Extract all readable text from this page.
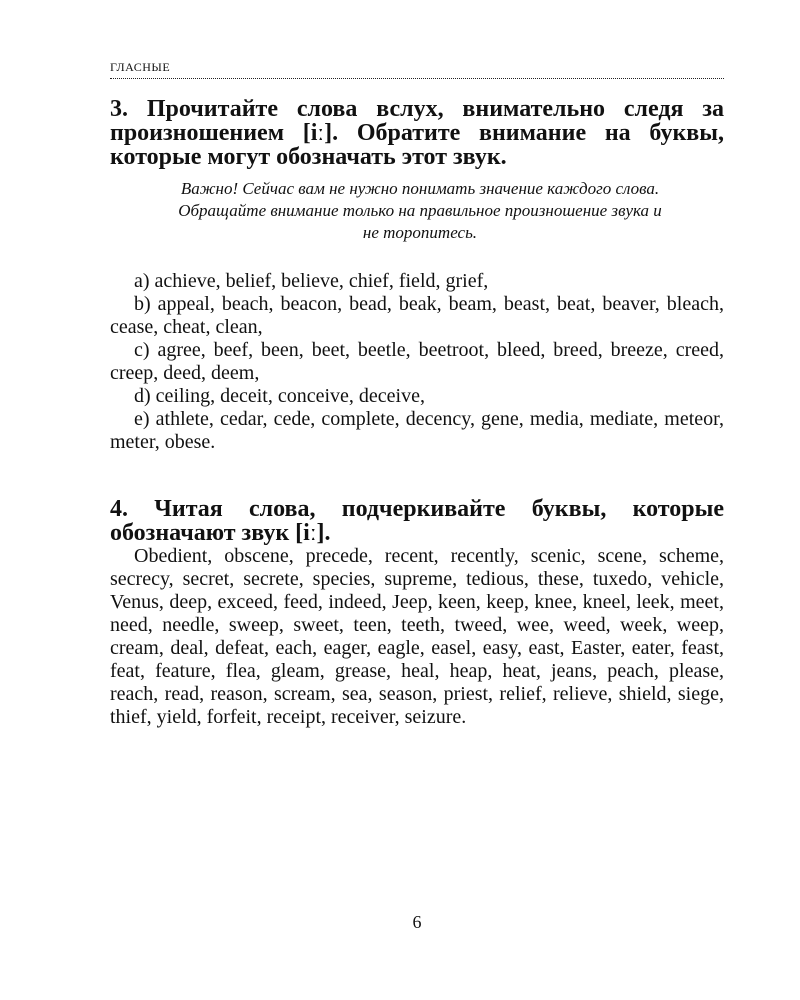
ГЛАСНЫЕ
3. Прочитайте слова вслух, внимательно следя за произношением [iː]. Обратите внимание на буквы, которые могут обозначать этот звук.

Важно! Сейчас вам не нужно понимать значение каждого слова. Обращайте внимание только на правильное произношение звука и не торопитесь.

a) achieve, belief, believe, chief, field, grief,

b) appeal, beach, beacon, bead, beak, beam, beast, beat, beaver, bleach, cease, cheat, clean,

c) agree, beef, been, beet, beetle, beetroot, bleed, breed, breeze, creed, creep, deed, deem,

d) ceiling, deceit, conceive, deceive,

e) athlete, cedar, cede, complete, decency, gene, media, mediate, meteor, meter, obese.

4. Читая слова, подчеркивайте буквы, которые обозначают звук [iː].

Obedient, obscene, precede, recent, recently, scenic, scene, scheme, secrecy, secret, secrete, species, supreme, tedious, these, tuxedo, vehicle, Venus, deep, exceed, feed, indeed, Jeep, keen, keep, knee, kneel, leek, meet, need, needle, sweep, sweet, teen, teeth, tweed, wee, weed, week, weep, cream, deal, defeat, each, eager, eagle, easel, easy, east, Easter, eater, feast, feat, feature, flea, gleam, grease, heal, heap, heat, jeans, peach, please, reach, read, reason, scream, sea, season, priest, relief, relieve, shield, siege, thief, yield, forfeit, receipt, receiver, seizure.

6
